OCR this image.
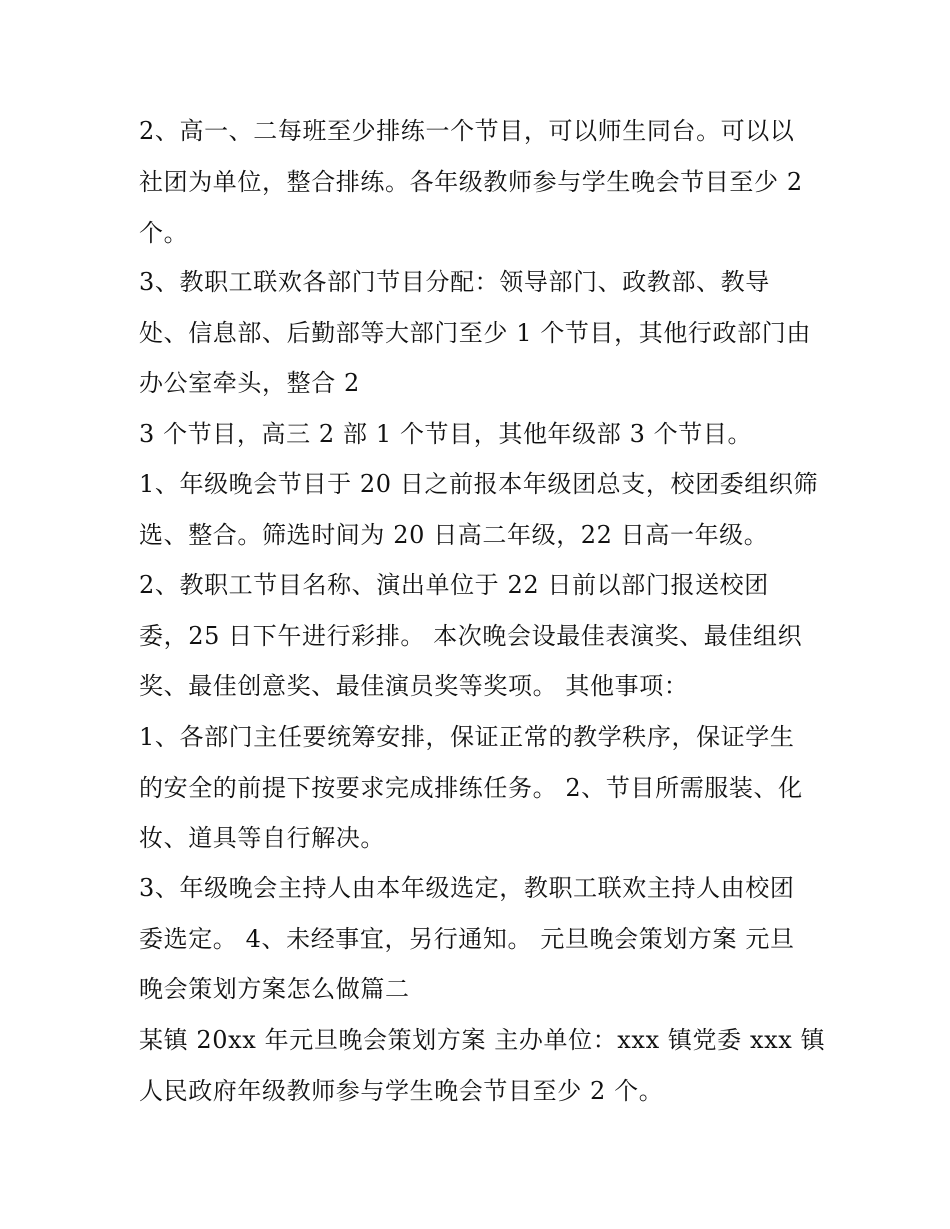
2、高一、二每班至少排练一个节目，可以师生同台。可以以
社团为单位，整合排练。各年级教师参与学生晚会节目至少 2
个。
3、教职工联欢各部门节目分配：领导部门、政教部、教导
处、信息部、后勤部等大部门至少 1 个节目，其他行政部门由
办公室牵头，整合 2
3 个节目，高三 2 部 1 个节目，其他年级部 3 个节目。
1、年级晚会节目于 20 日之前报本年级团总支，校团委组织筛
选、整合。筛选时间为 20 日高二年级，22 日高一年级。
2、教职工节目名称、演出单位于 22 日前以部门报送校团
委，25 日下午进行彩排。 本次晚会设最佳表演奖、最佳组织
奖、最佳创意奖、最佳演员奖等奖项。 其他事项：
1、各部门主任要统筹安排，保证正常的教学秩序，保证学生
的安全的前提下按要求完成排练任务。 2、节目所需服装、化
妆、道具等自行解决。
3、年级晚会主持人由本年级选定，教职工联欢主持人由校团
委选定。 4、未经事宜，另行通知。 元旦晚会策划方案 元旦
晚会策划方案怎么做篇二
某镇 20xx 年元旦晚会策划方案 主办单位：xxx 镇党委 xxx 镇
人民政府年级教师参与学生晚会节目至少 2 个。
